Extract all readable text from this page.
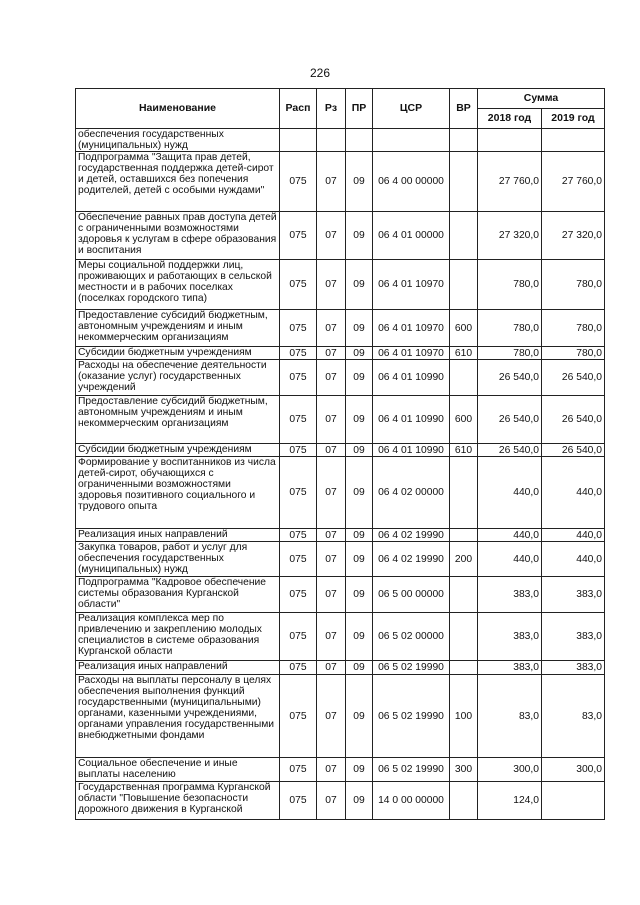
226
Наименование	Расп	Рз	ПР	ЦСР	ВР	Сумма	
						2018 год	2019 год
обеспечения государственных (муниципальных) нужд							
Подпрограмма "Защита прав детей, государственная поддержка детей-сирот и детей, оставшихся без попечения родителей, детей с особыми нуждами"	075	07	09	06 4 00 00000		27 760,0	27 760,0
Обеспечение равных прав доступа детей с ограниченными возможностями здоровья к услугам в сфере образования и воспитания	075	07	09	06 4 01 00000		27 320,0	27 320,0
Меры социальной поддержки лиц, проживающих и работающих в сельской местности и в рабочих поселках (поселках городского типа)	075	07	09	06 4 01 10970		780,0	780,0
Предоставление субсидий бюджетным, автономным учреждениям и иным некоммерческим организациям	075	07	09	06 4 01 10970	600	780,0	780,0
Субсидии бюджетным учреждениям	075	07	09	06 4 01 10970	610	780,0	780,0
Расходы на обеспечение деятельности (оказание услуг) государственных учреждений	075	07	09	06 4 01 10990		26 540,0	26 540,0
Предоставление субсидий бюджетным, автономным учреждениям и иным некоммерческим организациям	075	07	09	06 4 01 10990	600	26 540,0	26 540,0
Субсидии бюджетным учреждениям	075	07	09	06 4 01 10990	610	26 540,0	26 540,0
Формирование у воспитанников из числа детей-сирот, обучающихся с ограниченными возможностями здоровья позитивного социального и трудового опыта	075	07	09	06 4 02 00000		440,0	440,0
Реализация иных направлений	075	07	09	06 4 02 19990		440,0	440,0
Закупка товаров, работ и услуг для обеспечения государственных (муниципальных) нужд	075	07	09	06 4 02 19990	200	440,0	440,0
Подпрограмма "Кадровое обеспечение системы образования Курганской области"	075	07	09	06 5 00 00000		383,0	383,0
Реализация комплекса мер по привлечению и закреплению молодых специалистов в системе образования Курганской области	075	07	09	06 5 02 00000		383,0	383,0
Реализация иных направлений	075	07	09	06 5 02 19990		383,0	383,0
Расходы на выплаты персоналу в целях обеспечения выполнения функций государственными (муниципальными) органами, казенными учреждениями, органами управления государственными внебюджетными фондами	075	07	09	06 5 02 19990	100	83,0	83,0
Социальное обеспечение и иные выплаты населению	075	07	09	06 5 02 19990	300	300,0	300,0
Государственная программа Курганской области "Повышение безопасности дорожного движения в Курганской	075	07	09	14 0 00 00000		124,0	
